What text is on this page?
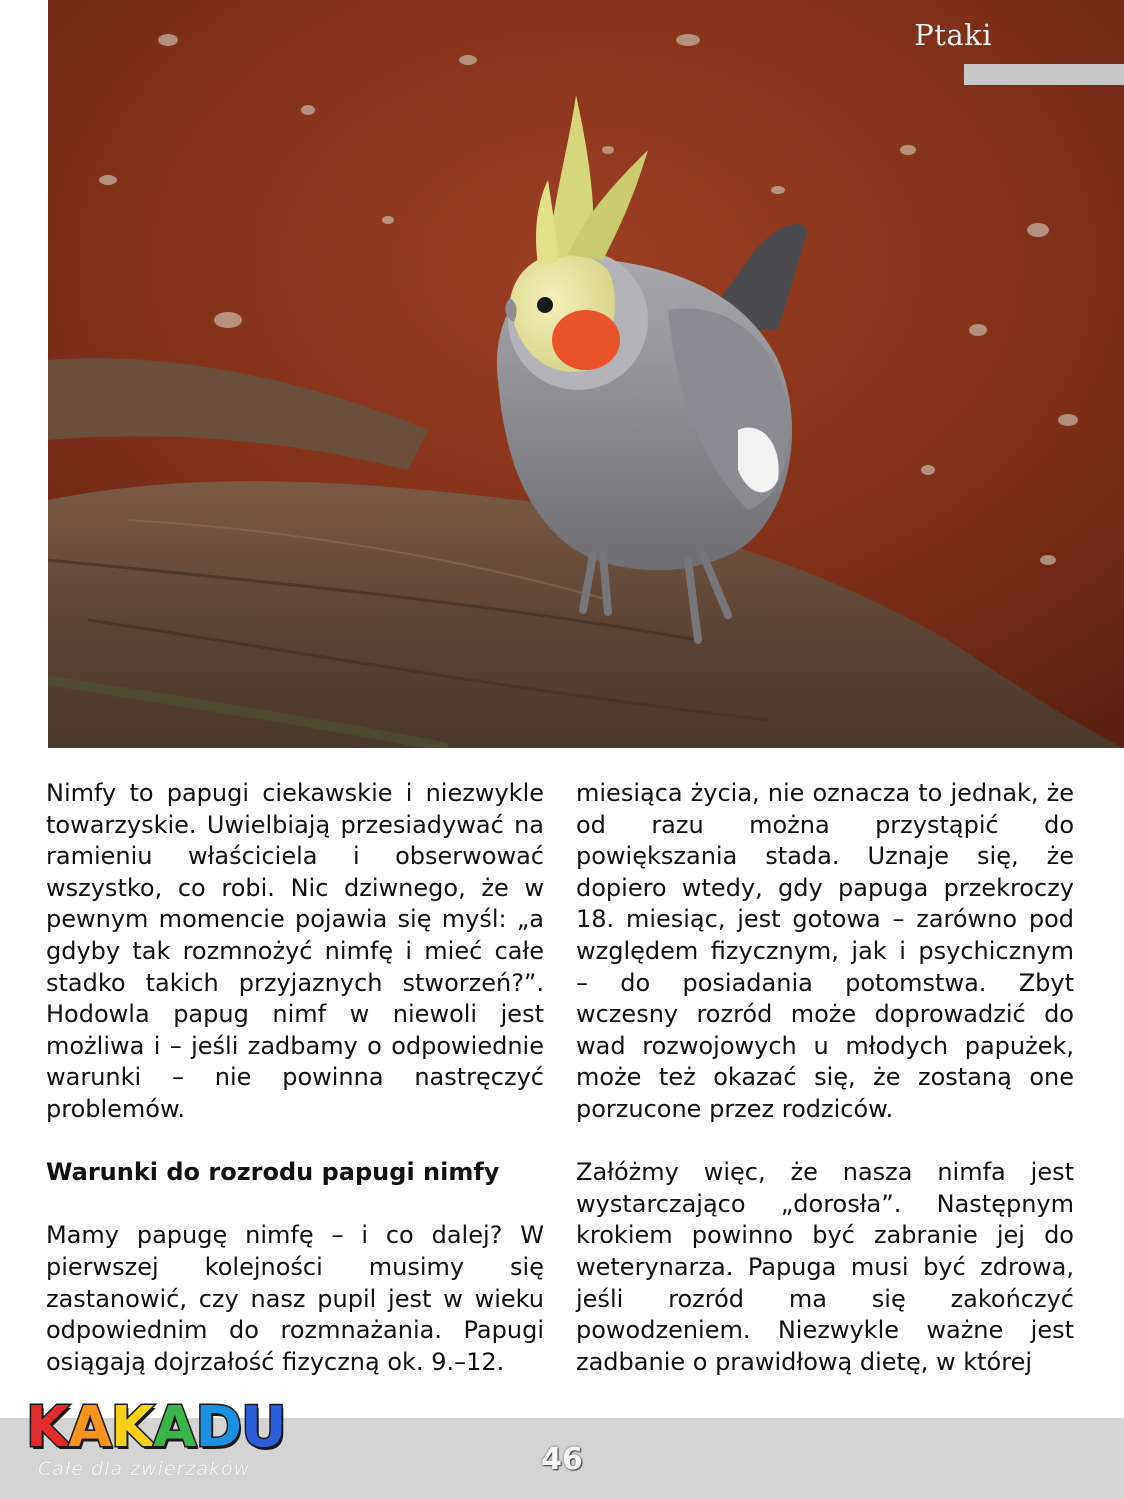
Ptaki

Nimfy to papugi ciekawskie i niezwykle towarzyskie. Uwielbiają przesiadywać na ramieniu właściciela i obserwować wszystko, co robi. Nic dziwnego, że w pewnym momencie pojawia się myśl: „a gdyby tak rozmnożyć nimfę i mieć całe stadko takich przyjaznych stworzeń?”. Hodowla papug nimf w niewoli jest możliwa i – jeśli zadbamy o odpowiednie warunki – nie powinna nastręczyć problemów.

Warunki do rozrodu papugi nimfy

Mamy papugę nimfę – i co dalej? W pierwszej kolejności musimy się zastanowić, czy nasz pupil jest w wieku odpowiednim do rozmnażania. Papugi osiągają dojrzałość fizyczną ok. 9.–12.

miesiąca życia, nie oznacza to jednak, że od razu można przystąpić do powiększania stada. Uznaje się, że dopiero wtedy, gdy papuga przekroczy 18. miesiąc, jest gotowa – zarówno pod względem fizycznym, jak i psychicznym – do posiadania potomstwa. Zbyt wczesny rozród może doprowadzić do wad rozwojowych u młodych papużek, może też okazać się, że zostaną one porzucone przez rodziców.

Załóżmy więc, że nasza nimfa jest wystarczająco „dorosła”. Następnym krokiem powinno być zabranie jej do weterynarza. Papuga musi być zdrowa, jeśli rozród ma się zakończyć powodzeniem. Niezwykle ważne jest zadbanie o prawidłową dietę, w której

KAKADU
Całe dla zwierzaków	46
